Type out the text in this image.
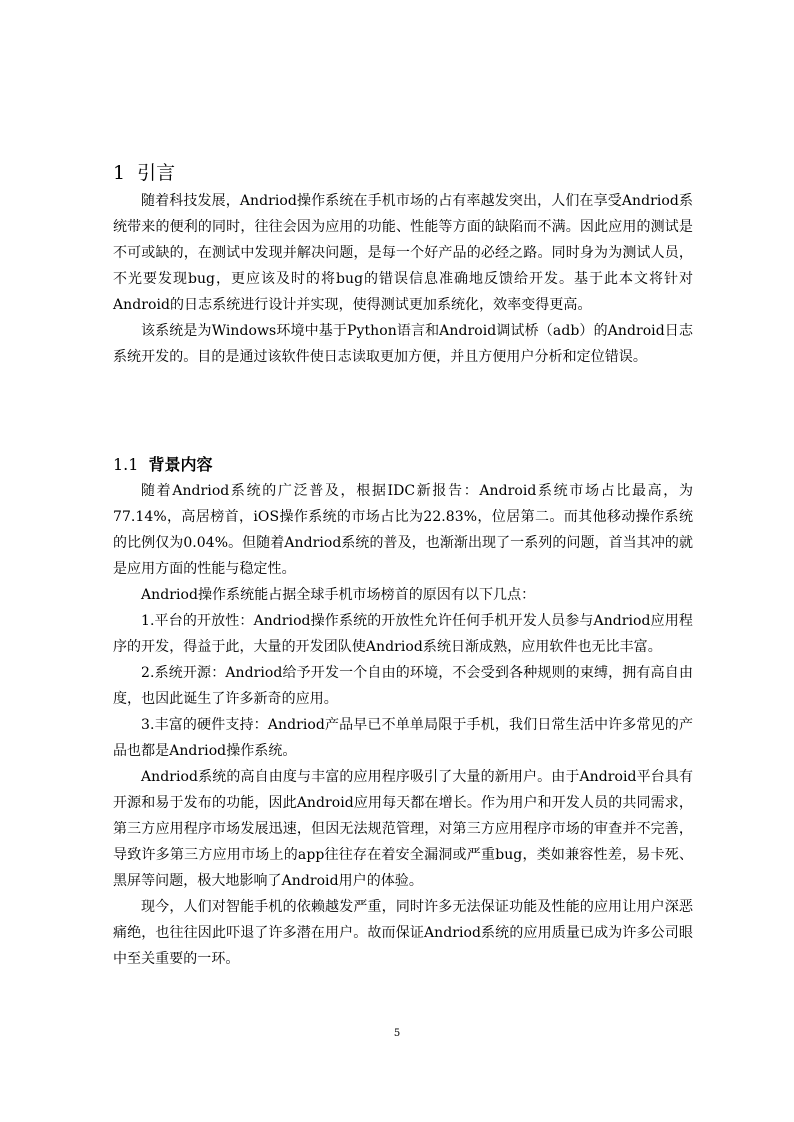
1 引言

随着科技发展，Andriod操作系统在手机市场的占有率越发突出，人们在享受Andriod系统带来的便利的同时，往往会因为应用的功能、性能等方面的缺陷而不满。因此应用的测试是不可或缺的，在测试中发现并解决问题，是每一个好产品的必经之路。同时身为为测试人员，不光要发现bug，更应该及时的将bug的错误信息准确地反馈给开发。基于此本文将针对Android的日志系统进行设计并实现，使得测试更加系统化，效率变得更高。

该系统是为Windows环境中基于Python语言和Android调试桥（adb）的Android日志系统开发的。目的是通过该软件使日志读取更加方便，并且方便用户分析和定位错误。

1.1 背景内容

随着Andriod系统的广泛普及，根据IDC新报告：Android系统市场占比最高，为77.14%，高居榜首，iOS操作系统的市场占比为22.83%，位居第二。而其他移动操作系统的比例仅为0.04%。但随着Andriod系统的普及，也渐渐出现了一系列的问题，首当其冲的就是应用方面的性能与稳定性。

Andriod操作系统能占据全球手机市场榜首的原因有以下几点：

1.平台的开放性：Andriod操作系统的开放性允许任何手机开发人员参与Andriod应用程序的开发，得益于此，大量的开发团队使Andriod系统日渐成熟，应用软件也无比丰富。

2.系统开源：Andriod给予开发一个自由的环境，不会受到各种规则的束缚，拥有高自由度，也因此诞生了许多新奇的应用。

3.丰富的硬件支持：Andriod产品早已不单单局限于手机，我们日常生活中许多常见的产品也都是Andriod操作系统。

Andriod系统的高自由度与丰富的应用程序吸引了大量的新用户。由于Android平台具有开源和易于发布的功能，因此Android应用每天都在增长。作为用户和开发人员的共同需求，第三方应用程序市场发展迅速，但因无法规范管理，对第三方应用程序市场的审查并不完善，导致许多第三方应用市场上的app往往存在着安全漏洞或严重bug，类如兼容性差，易卡死、黑屏等问题，极大地影响了Android用户的体验。

现今，人们对智能手机的依赖越发严重，同时许多无法保证功能及性能的应用让用户深恶痛绝，也往往因此吓退了许多潜在用户。故而保证Andriod系统的应用质量已成为许多公司眼中至关重要的一环。

5
